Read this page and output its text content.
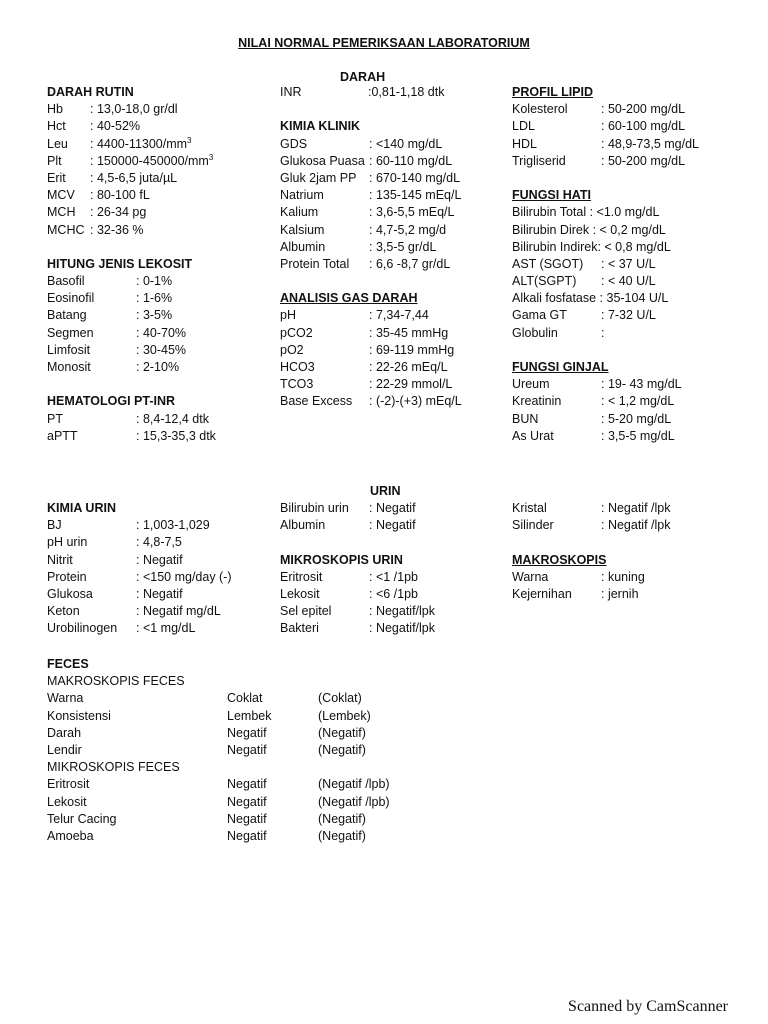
NILAI NORMAL PEMERIKSAAN LABORATORIUM
DARAH
URIN
DARAH RUTIN
Hb : 13,0-18,0 gr/dl
Hct : 40-52%
Leu : $4400-11300/mm^3$
Plt : $150000-450000/mm^3$
Erit : 4,5-6,5 juta/µL
MCV : 80-100 fL
MCH : 26-34 pg
MCHC : 32-36 %
HITUNG JENIS LEKOSIT
Basofil	: 0-1%
Eosinofil	: 1-6%
Batang	: 3-5%
Segmen	: 40-70%
Limfosit	: 30-45%
Monosit	: 2-10%
HEMATOLOGI PT-INR
PT	: 8,4-12,4 dtk
aPTT	: 15,3-35,3 dtk
INR	:0,81-1,18 dtk
KIMIA KLINIK
GDS	: <140 mg/dL
Glukosa Puasa : 60-110 mg/dL
Gluk 2jam PP : 670-140 mg/dL
Natrium	: 135-145 mEq/L
Kalium	: 3,6-5,5 mEq/L
Kalsium	: 4,7-5,2 mg/d
Albumin	: 3,5-5 gr/dL
Protein Total : 6,6 -8,7 gr/dL
ANALISIS GAS DARAH
pH	: 7,34-7,44
pCO2	: 35-45 mmHg
pO2	: 69-119 mmHg
HCO3	: 22-26 mEq/L
TCO3	: 22-29 mmol/L
Base Excess : (-2)-(+3) mEq/L
PROFIL LIPID
Kolesterol	: 50-200 mg/dL
LDL	: 60-100 mg/dL
HDL	: 48,9-73,5 mg/dL
Trigliserid	: 50-200 mg/dL
FUNGSI HATI
Bilirubin Total : <1.0 mg/dL
Bilirubin Direk : < 0,2 mg/dL
Bilirubin Indirek: < 0,8 mg/dL
AST (SGOT) : < 37 U/L
ALT(SGPT) : < 40 U/L
Alkali fosfatase : 35-104 U/L
Gama GT	: 7-32 U/L
Globulin	:
FUNGSI GINJAL
Ureum	: 19- 43 mg/dL
Kreatinin	: < 1,2 mg/dL
BUN	: 5-20 mg/dL
As Urat	: 3,5-5 mg/dL
KIMIA URIN
BJ	: 1,003-1,029
pH urin	: 4,8-7,5
Nitrit	: Negatif
Protein	: <150 mg/day (-)
Glukosa	: Negatif
Keton	: Negatif mg/dL
Urobilinogen : <1 mg/dL
Bilirubin urin : Negatif
Albumin	: Negatif
MIKROSKOPIS URIN
Eritrosit	: <1 /1pb
Lekosit	: <6 /1pb
Sel epitel	: Negatif/lpk
Bakteri	: Negatif/lpk
Kristal	: Negatif /lpk
Silinder	: Negatif /lpk
MAKROSKOPIS
Warna	: kuning
Kejernihan : jernih
FECES
MAKROSKOPIS FECES
Warna	Coklat	(Coklat)
Konsistensi	Lembek	(Lembek)
Darah	Negatif	(Negatif)
Lendir	Negatif	(Negatif)
MIKROSKOPIS FECES
Eritrosit	Negatif	(Negatif /lpb)
Lekosit	Negatif	(Negatif /lpb)
Telur Cacing	Negatif	(Negatif)
Amoeba	Negatif	(Negatif)
Scanned by CamScanner
